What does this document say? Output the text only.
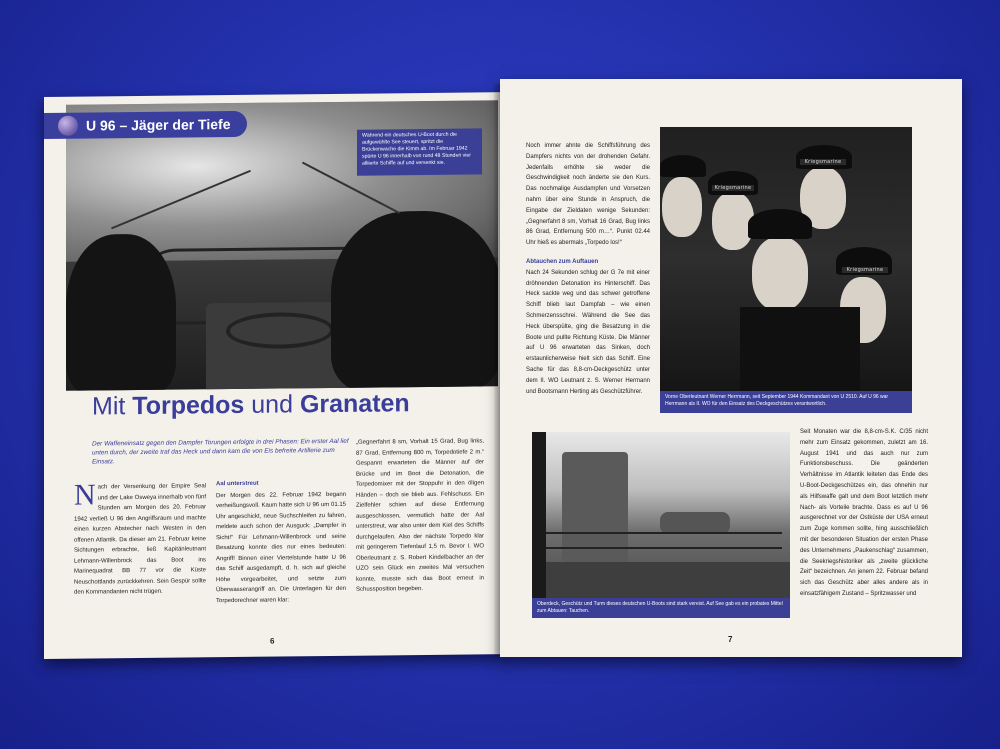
U 96 – Jäger der Tiefe
Während ein deutsches U-Boot durch die aufgewühlte See steuert, spritzt die Brückenwache die Kimm ab. Im Februar 1942 spürte U 96 innerhalb von rund 48 Stunden vier alliierte Schiffe auf und versenkt sie.
Mit Torpedos und Granaten
Der Waffeneinsatz gegen den Dampfer Torungen erfolgte in drei Phasen: Ein erster Aal lief unten durch, der zweite traf das Heck und dann kam die von Eis befreite Artillerie zum Einsatz.
Nach der Versenkung der Empire Seal und der Lake Osweya innerhalb von fünf Stunden am Morgen des 20. Februar 1942 verließ U 96 den Angriffsraum und machte einen kurzen Abstecher nach Westen in den offenen Atlantik. Da dieser am 21. Februar keine Sichtungen erbrachte, ließ Kapitänleutnant Lehmann-Willenbrock das Boot ins Marinequadrat BB 77 vor die Küste Neuschottlands zurückkehren. Sein Gespür sollte den Kommandanten nicht trügen.
Aal unterstreut
Der Morgen des 22. Februar 1942 begann verheißungsvoll. Kaum hatte sich U 96 um 01.15 Uhr angeschickt, neue Suchschleifen zu fahren, meldete auch schon der Ausguck: „Dampfer in Sicht!“ Für Lehmann-Willenbrock und seine Besatzung konnte dies nur eines bedeuten: Angriff! Binnen einer Viertelstunde hatte U 96 das Schiff ausgedampft, d. h. sich auf gleiche Höhe vorgearbeitet, und setzte zum Überwasserangriff an. Die Unterlagen für den Torpedorechner waren klar:
„Gegnerfahrt 8 sm, Vorhalt 15 Grad, Bug links, 87 Grad, Entfernung 800 m, Torpedotiefe 2 m.“ Gespannt erwarteten die Männer auf der Brücke und im Boot die Detonation, die Torpedomixer mit der Stoppuhr in den öligen Händen – doch sie blieb aus. Fehlschuss. Ein Zielfehler schien auf diese Entfernung ausgeschlossen, vermutlich hatte der Aal unterstreut, war also unter dem Kiel des Schiffs durchgelaufen. Also der nächste Torpedo klar mit geringerem Tiefenlauf 1,5 m. Bevor I. WO Oberleutnant z. S. Robert Kindelbacher an der UZO sein Glück ein zweites Mal versuchen konnte, musste sich das Boot erneut in Schussposition begeben.
6
Noch immer ahnte die Schiffsführung des Dampfers nichts von der drohenden Gefahr. Jedenfalls erhöhte sie weder die Geschwindigkeit noch änderte sie den Kurs. Das nochmalige Ausdampfen und Vorsetzen nahm über eine Stunde in Anspruch, die Eingabe der Zieldaten wenige Sekunden: „Gegnerfahrt 8 sm, Vorhalt 16 Grad, Bug links 86 Grad, Entfernung 500 m…“. Punkt 02.44 Uhr hieß es abermals „Torpedo los!“
Abtauchen zum Auftauen
Nach 24 Sekunden schlug der G 7e mit einer dröhnenden Detonation ins Hinterschiff. Das Heck sackte weg und das schwer getroffene Schiff blieb laut Dampfab – wie einen Schmerzensschrei. Während die See das Heck überspülte, ging die Besatzung in die Boote und pullte Richtung Küste. Die Männer auf U 96 erwarteten das Sinken, doch erstaunlicherweise hielt sich das Schiff. Eine Sache für das 8,8-cm-Deckgeschütz unter dem II. WO Leutnant z. S. Werner Hermann und Bootsmann Herting als Geschützführer.
Kriegsmarine
Kriegsmarine
Kriegsmarine
Vorne Oberleutnant Werner Herrmann, seit September 1944 Kommandant von U 2510. Auf U 96 war Herrmann als II. WO für den Einsatz des Deckgeschützes verantwortlich.
Oberdeck, Geschütz und Turm dieses deutschen U-Boots sind stark vereist. Auf See gab es ein probates Mittel zum Abtauen: Tauchen.
Seit Monaten war die 8,8-cm-S.K. C/35 nicht mehr zum Einsatz gekommen, zuletzt am 16. August 1941 und das auch nur zum Funktionsbeschuss. Die geänderten Verhältnisse im Atlantik leiteten das Ende des U-Boot-Deckgeschützes ein, das ohnehin nur als Hilfswaffe galt und dem Boot letztlich mehr Nach- als Vorteile brachte. Dass es auf U 96 ausgerechnet vor der Ostküste der USA erneut zum Zuge kommen sollte, hing ausschließlich mit der besonderen Situation der ersten Phase des Unternehmens „Paukenschlag“ zusammen, die Seekriegshistoriker als „zweite glückliche Zeit“ bezeichnen. An jenem 22. Februar befand sich das Geschütz aber alles andere als in einsatzfähigem Zustand – Spritzwasser und
7
